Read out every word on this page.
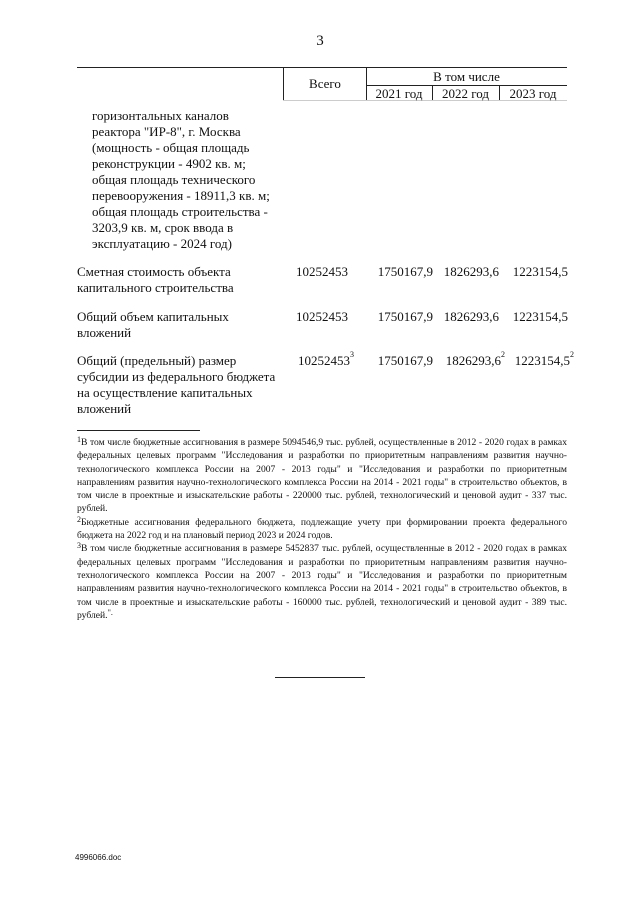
3
Всего	В том числе
2021 год	2022 год	2023 год
горизонтальных каналов
реактора "ИР-8", г. Москва
(мощность - общая площадь
реконструкции - 4902 кв. м;
общая площадь технического
перевооружения - 18911,3 кв. м;
общая площадь строительства -
3203,9 кв. м, срок ввода в
эксплуатацию - 2024 год)
Сметная стоимость объекта
капитального строительства
10252453 1750167,9 1826293,6 1223154,5
Общий объем капитальных
вложений
10252453 1750167,9 1826293,6 1223154,5
Общий (предельный) размер
субсидии из федерального бюджета
на осуществление капитальных
вложений
10252453$^3$ 1750167,9 1826293,6$^2$ 1223154,5$^2$

$^1$В том числе бюджетные ассигнования в размере 5094546,9 тыс. рублей, осуществленные в 2012 - 2020 годах в рамках федеральных целевых программ "Исследования и разработки по приоритетным направлениям развития научно-технологического комплекса России на 2007 - 2013 годы" и "Исследования и разработки по приоритетным направлениям развития научно-технологического комплекса России на 2014 - 2021 годы" в строительство объектов, в том числе в проектные и изыскательские работы - 220000 тыс. рублей, технологический и ценовой аудит - 337 тыс. рублей.

$^2$Бюджетные ассигнования федерального бюджета, подлежащие учету при формировании проекта федерального бюджета на 2022 год и на плановый период 2023 и 2024 годов.

$^3$В том числе бюджетные ассигнования в размере 5452837 тыс. рублей, осуществленные в 2012 - 2020 годах в рамках федеральных целевых программ "Исследования и разработки по приоритетным направлениям развития научно-технологического комплекса России на 2007 - 2013 годы" и "Исследования и разработки по приоритетным направлениям развития научно-технологического комплекса России на 2014 - 2021 годы" в строительство объектов, в том числе в проектные и изыскательские работы - 160000 тыс. рублей, технологический и ценовой аудит - 389 тыс. рублей.".

4996066.doc
